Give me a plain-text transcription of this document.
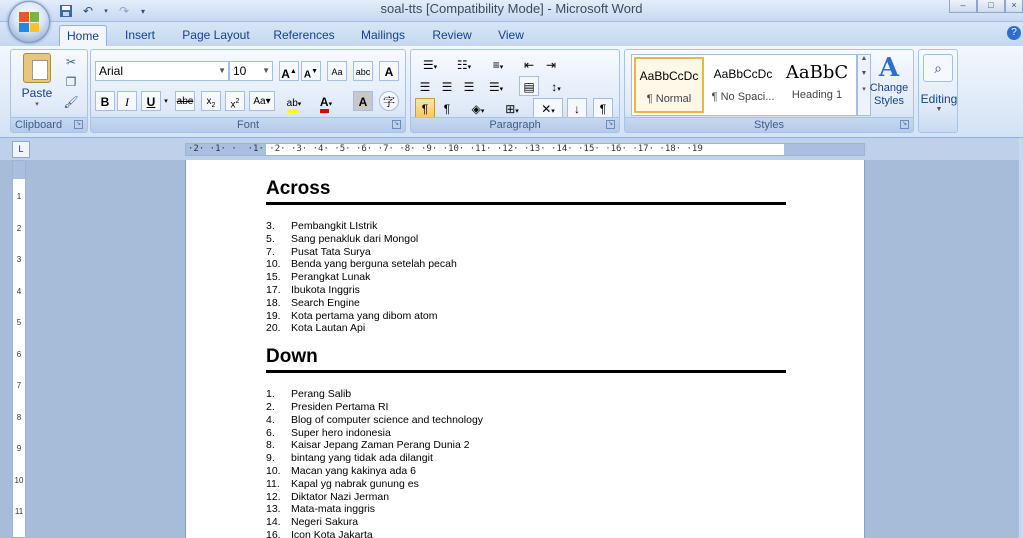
soal-tts [Compatibility Mode] - Microsoft Word
↶	▾ ↷	▾
–	□	×
Home	Insert	Page Layout	References	Mailings	Review	View	?
Paste
▾
✂
❐
🖌
Clipboard	↘
Arial	▼ 10 ▼ A▲ A▼	Aa	abc	A
B	I	U	▾ abe	$x_2$	$x^2$	Aa▾	ab▾	A▾	A	字
Font	↘
☰▾	☷▾	≡▾	⇤ ⇥
☰ ☰ ☰	☰▾	▤	↕▾
¶	¶	◈▾	⊞▾	✕▾	↓	¶
Paragraph	↘
AaBbCcDc
¶ Normal
AaBbCcDc
¶ No Spaci...
AaBbC
Heading 1
▲
▼
▾
A
Change
Styles
Styles	↘
⌕
Editing
▼
L	·2· ·1· ·  ·1· ·2· ·3· ·4· ·5· ·6· ·7· ·8· ·9· ·10· ·11· ·12· ·13· ·14· ·15· ·16· ·17· ·18· ·19
1
2
3
4
5
6
7
8
9
10
11
Across
3.	Pembangkit LIstrik
5.	Sang penakluk dari Mongol
7.	Pusat Tata Surya
10. Benda yang berguna setelah pecah
15. Perangkat Lunak
17. Ibukota Inggris
18. Search Engine
19. Kota pertama yang dibom atom
20. Kota Lautan Api
Down
1.	Perang Salib
2.	Presiden Pertama RI
4.	Blog of computer science and technology
6.	Super hero indonesia
8.	Kaisar Jepang Zaman Perang Dunia 2
9.	bintang yang tidak ada dilangit
10. Macan yang kakinya ada 6
11.	Kapal yg nabrak gunung es
12. Diktator Nazi Jerman
13. Mata-mata inggris
14. Negeri Sakura
16. Icon Kota Jakarta
